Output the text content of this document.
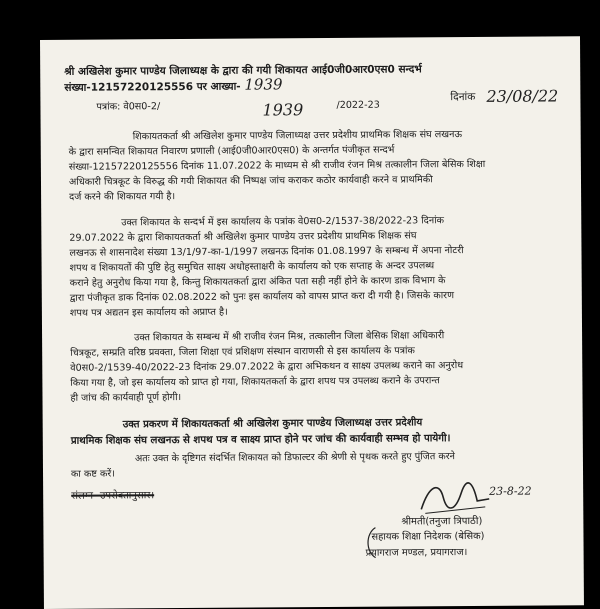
श्री अखिलेश कुमार पाण्डेय जिलाध्यक्ष के द्वारा की गयी शिकायत आई0जी0आर0एस0 सन्दर्भ
संख्या-12157220125556 पर आख्या- 1939
पत्रांक: वे0स0-2/	1939	/2022-23
दिनांक 23/08/22
शिकायतकर्ता श्री अखिलेश कुमार पाण्डेय जिलाध्यक्ष उत्तर प्रदेशीय प्राथमिक शिक्षक संघ लखनऊ
के द्वारा समन्वित शिकायत निवारण प्रणाली (आई0जी0आर0एस0) के अन्तर्गत पंजीकृत सन्दर्भ
संख्या-12157220125556 दिनांक 11.07.2022 के माध्यम से श्री राजीव रंजन मिश्र तत्कालीन जिला बेसिक शिक्षा
अधिकारी चित्रकूट के विरुद्ध की गयी शिकायत की निष्पक्ष जांच कराकर कठोर कार्यवाही करने व प्राथमिकी
दर्ज करने की शिकायत गयी है।
उक्त शिकायत के सन्दर्भ में इस कार्यालय के पत्रांक वे0स0-2/1537-38/2022-23 दिनांक
29.07.2022 के द्वारा शिकायतकर्ता श्री अखिलेश कुमार पाण्डेय उत्तर प्रदेशीय प्राथमिक शिक्षक संघ
लखनऊ से शासनादेश संख्या 13/1/97-का-1/1997 लखनऊ दिनांक 01.08.1997 के सम्बन्ध में अपना नोटरी
शपथ व शिकायतों की पुष्टि हेतु समुचित साक्ष्य अधोहस्ताक्षरी के कार्यालय को एक सप्ताह के अन्दर उपलब्ध
कराने हेतु अनुरोध किया गया है, किन्तु शिकायतकर्ता द्वारा अंकित पता सही नहीं होने के कारण डाक विभाग के
द्वारा पंजीकृत डाक दिनांक 02.08.2022 को पुनः इस कार्यालय को वापस प्राप्त करा दी गयी है। जिसके कारण
शपथ पत्र अद्यतन इस कार्यालय को अप्राप्त है।
उक्त शिकायत के सम्बन्ध में श्री राजीव रंजन मिश्र, तत्कालीन जिला बेसिक शिक्षा अधिकारी
चित्रकूट, सम्प्रति वरिष्ठ प्रवक्ता, जिला शिक्षा एवं प्रशिक्षण संस्थान वाराणसी से इस कार्यालय के पत्रांक
वे0स0-2/1539-40/2022-23 दिनांक 29.07.2022 के द्वारा अभिकथन व साक्ष्य उपलब्ध कराने का अनुरोध
किया गया है, जो इस कार्यालय को प्राप्त हो गया, शिकायतकर्ता के द्वारा शपथ पत्र उपलब्ध कराने के उपरान्त
ही जांच की कार्यवाही पूर्ण होगी।
उक्त प्रकरण में शिकायतकर्ता श्री अखिलेश कुमार पाण्डेय जिलाध्यक्ष उत्तर प्रदेशीय
प्राथमिक शिक्षक संघ लखनऊ से शपथ पत्र व साक्ष्य प्राप्त होने पर जांच की कार्यवाही सम्भव हो पायेगी।
अतः उक्त के दृष्टिगत संदर्भित शिकायत को डिफाल्टर की श्रेणी से पृथक करते हुए पुंजित करने
का कष्ट करें।
संलग्न- उपरोक्तानुसार।	23-8-22
श्रीमती(तनुजा त्रिपाठी)
सहायक शिक्षा निदेशक (बेसिक)
प्रयागराज मण्डल, प्रयागराज।
